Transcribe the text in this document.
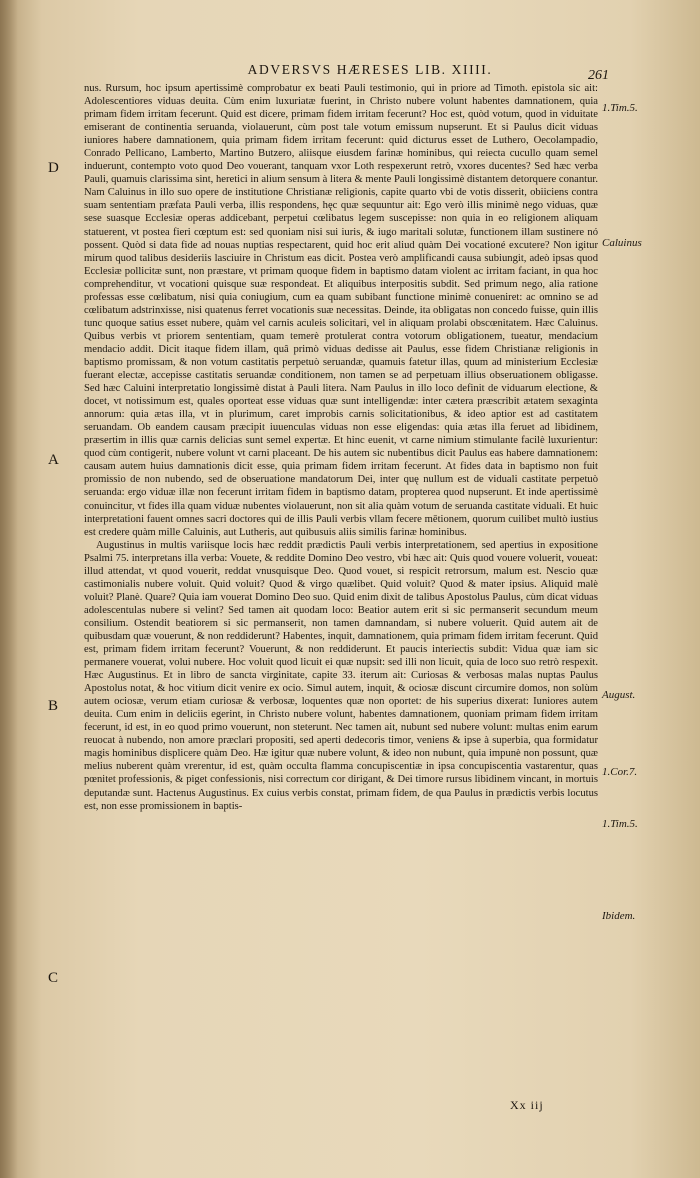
ADVERSVS HÆRESES LIB. XIIII.	261

nus. Rursum, hoc ipsum apertissimè comprobatur ex beati Pauli testimonio, qui in priore ad Timoth. epistola sic ait: Adolescentiores viduas deuita. Cùm enim luxuriatæ fuerint, in Christo nubere volunt habentes damnationem, quia primam fidem irritam fecerunt. Quid est dicere, primam fidem irritam fecerunt? Hoc est, quòd votum, quod in viduitate emiserant de continentia seruanda, violauerunt, cùm post tale votum emissum nupserunt. Et si Paulus dicit viduas iuniores habere damnationem, quia primam fidem irritam fecerunt: quid dicturus esset de Luthero, Oecolampadio, Conrado Pellicano, Lamberto, Martino Butzero, aliisque eiusdem farinæ hominibus, qui reiecta cucullo quam semel induerunt, contempto voto quod Deo vouerant, tanquam vxor Loth respexerunt retrò, vxores ducentes? Sed hæc verba Pauli, quamuis clarissima sint, heretici in alium sensum à litera & mente Pauli longissimè distantem detorquere conantur. Nam Caluinus in illo suo opere de institutione Christianæ religionis, capite quarto vbi de votis disserit, obiiciens contra suam sententiam præfata Pauli verba, illis respondens, hęc quæ sequuntur ait: Ego verò illis minimè nego viduas, quæ sese suasque Ecclesiæ operas addicebant, perpetui cœlibatus legem suscepisse: non quia in eo religionem aliquam statuerent, vt postea fieri cœptum est: sed quoniam nisi sui iuris, & iugo maritali solutæ, functionem illam sustinere nó possent. Quòd si data fide ad nouas nuptias respectarent, quid hoc erit aliud quàm Dei vocationé excutere? Non igitur mirum quod talibus desideriis lasciuire in Christum eas dicit. Postea verò amplificandi causa subiungit, adeò ipsas quod Ecclesiæ pollicitæ sunt, non præstare, vt primam quoque fidem in baptismo datam violent ac irritam faciant, in qua hoc comprehenditur, vt vocationi quisque suæ respondeat. Et aliquibus interpositis subdit. Sed primum nego, alia ratione professas esse cœlibatum, nisi quia coniugium, cum ea quam subibant functione minimè conueniret: ac omnino se ad cœlibatum adstrinxisse, nisi quatenus ferret vocationis suæ necessitas. Deinde, ita obligatas non concedo fuisse, quin illis tunc quoque satius esset nubere, quàm vel carnis aculeis solicitari, vel in aliquam prolabi obscœnitatem. Hæc Caluinus. Quibus verbis vt priorem sententiam, quam temerè protulerat contra votorum obligationem, tueatur, mendacium mendacio addit. Dicit itaque fidem illam, quâ primò viduas dedisse ait Paulus, esse fidem Christianæ religionis in baptismo promissam, & non votum castitatis perpetuò seruandæ, quamuis fatetur illas, quum ad ministerium Ecclesiæ fuerant electæ, accepisse castitatis seruandæ conditionem, non tamen se ad perpetuam illius obseruationem obligasse. Sed hæc Caluini interpretatio longissimè distat à Pauli litera. Nam Paulus in illo loco definit de viduarum electione, & docet, vt notissimum est, quales oporteat esse viduas quæ sunt intelligendæ: inter cætera præscribit ætatem sexaginta annorum: quia ætas illa, vt in plurimum, caret improbis carnis solicitationibus, & ideo aptior est ad castitatem seruandam. Ob eandem causam præcipit iuuenculas viduas non esse eligendas: quia ætas illa feruet ad libidinem, præsertim in illis quæ carnis delicias sunt semel expertæ. Et hinc euenit, vt carne nimium stimulante facilè luxurientur: quod cùm contigerit, nubere volunt vt carni placeant. De his autem sic nubentibus dicit Paulus eas habere damnationem: causam autem huius damnationis dicit esse, quia primam fidem irritam fecerunt. At fides data in baptismo non fuit promissio de non nubendo, sed de obseruatione mandatorum Dei, inter quę nullum est de viduali castitate perpetuò seruanda: ergo viduæ illæ non fecerunt irritam fidem in baptismo datam, propterea quod nupserunt. Et inde apertissimè conuincitur, vt fides illa quam viduæ nubentes violauerunt, non sit alia quàm votum de seruanda castitate viduali. Et huic interpretationi fauent omnes sacri doctores qui de illis Pauli verbis vllam fecere mētionem, quorum cuilibet multò iustius est credere quàm mille Caluinis, aut Lutheris, aut quibusuis aliis similis farinæ hominibus.

Augustinus in multis variisque locis hæc reddit prædictis Pauli verbis interpretationem, sed apertius in expositione Psalmi 75. interpretans illa verba: Vouete, & reddite Domino Deo vestro, vbi hæc ait: Quis quod vouere voluerit, voueat: illud attendat, vt quod vouerit, reddat vnusquisque Deo. Quod vouet, si respicit retrorsum, malum est. Nescio quæ castimonialis nubere voluit. Quid voluit? Quod & virgo quælibet. Quid voluit? Quod & mater ipsius. Aliquid malè voluit? Planè. Quare? Quia iam vouerat Domino Deo suo. Quid enim dixit de talibus Apostolus Paulus, cùm dicat viduas adolescentulas nubere si velint? Sed tamen ait quodam loco: Beatior autem erit si sic permanserit secundum meum consilium. Ostendit beatiorem si sic permanserit, non tamen damnandam, si nubere voluerit. Quid autem ait de quibusdam quæ vouerunt, & non reddiderunt? Habentes, inquit, damnationem, quia primam fidem irritam fecerunt. Quid est, primam fidem irritam fecerunt? Vouerunt, & non reddiderunt. Et paucis interiectis subdit: Vidua quæ iam sic permanere vouerat, volui nubere. Hoc voluit quod licuit ei quæ nupsit: sed illi non licuit, quia de loco suo retrò respexit. Hæc Augustinus. Et in libro de sancta virginitate, capite 33. iterum ait: Curiosas & verbosas malas nuptas Paulus Apostolus notat, & hoc vitium dicit venire ex ocio. Simul autem, inquit, & ociosæ discunt circumire domos, non solùm autem ociosæ, verum etiam curiosæ & verbosæ, loquentes quæ non oportet: de his superius dixerat: Iuniores autem deuita. Cum enim in deliciis egerint, in Christo nubere volunt, habentes damnationem, quoniam primam fidem irritam fecerunt, id est, in eo quod primo vouerunt, non steterunt. Nec tamen ait, nubunt sed nubere volunt: multas enim earum reuocat à nubendo, non amore præclari propositi, sed aperti dedecoris timor, veniens & ipse à superbia, qua formidatur magis hominibus displicere quàm Deo. Hæ igitur quæ nubere volunt, & ideo non nubunt, quia impunè non possunt, quæ melius nuberent quàm vrerentur, id est, quàm occulta flamma concupiscentiæ in ipsa concupiscentia vastarentur, quas pœnitet professionis, & piget confessionis, nisi correctum cor dirigant, & Dei timore rursus libidinem vincant, in mortuis deputandæ sunt. Hactenus Augustinus. Ex cuius verbis constat, primam fidem, de qua Paulus in prædictis verbis locutus est, non esse promissionem in baptis-

D
A
B
C
1.Tim.5.
Caluinus
August.
1.Cor.7.
1.Tim.5.
Ibidem.
Xx iij
